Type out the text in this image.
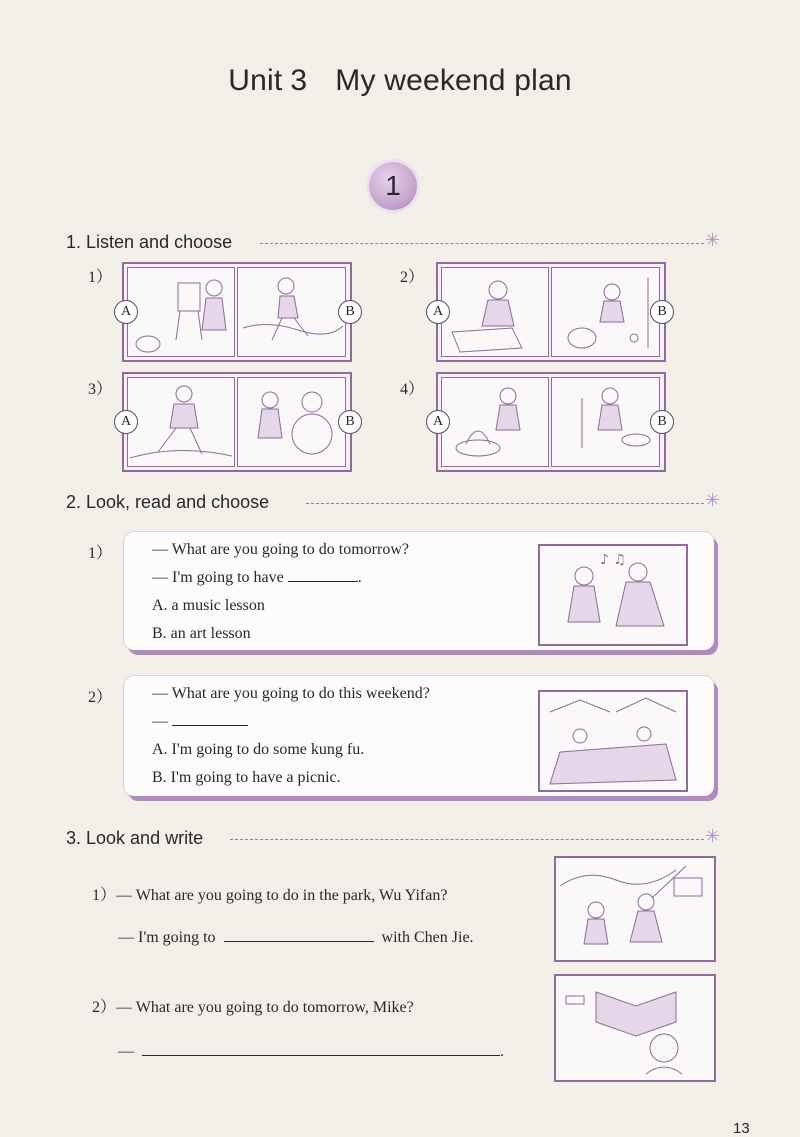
Unit 3 My weekend plan
1
1. Listen and choose	✳
1）
A	B
2）
A	B
3）
A	B
4）
A	B
2. Look, read and choose	✳
1） — What are you going to do tomorrow?
— I'm going to have	.
A. a music lesson
B. an art lesson
♪ ♫
2） — What are you going to do this weekend?
—
A. I'm going to do some kung fu.
B. I'm going to have a picnic.
3. Look and write	✳
1）— What are you going to do in the park, Wu Yifan?
— I'm going to	with Chen Jie.
2）— What are you going to do tomorrow, Mike?
—	.
13
